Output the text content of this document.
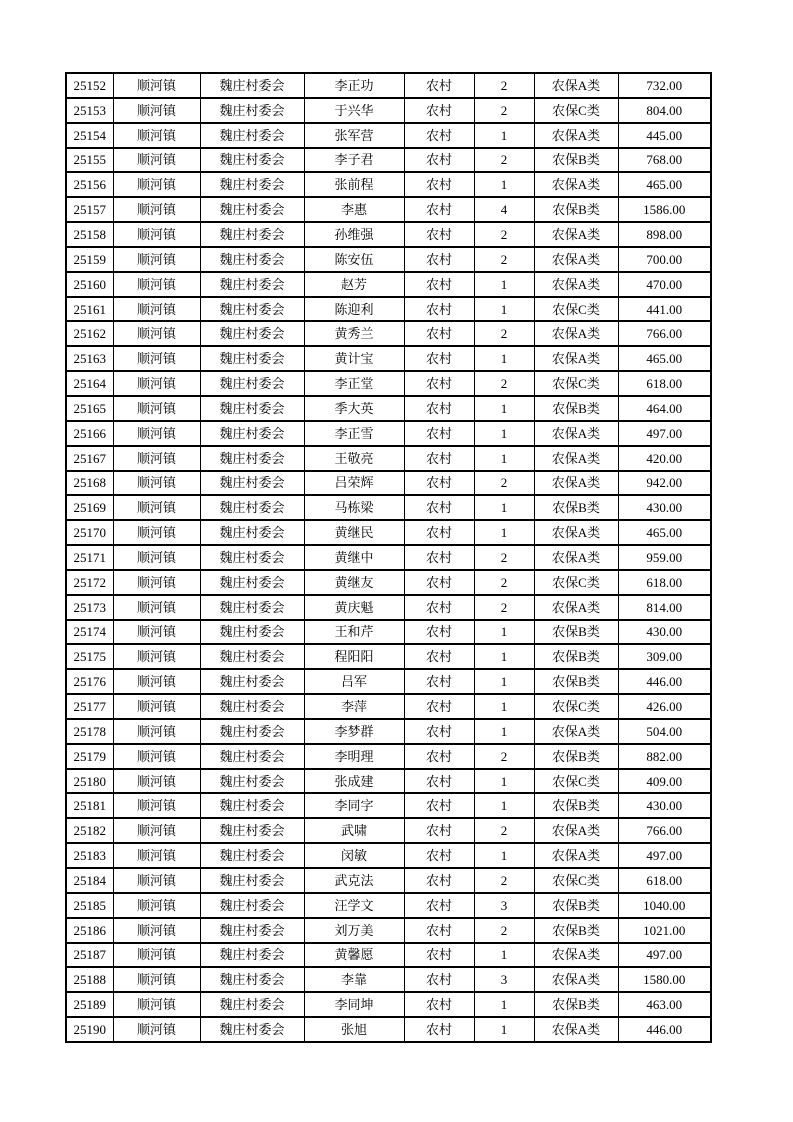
25152	顺河镇	魏庄村委会	李正功	农村	2	农保A类	732.00
25153	顺河镇	魏庄村委会	于兴华	农村	2	农保C类	804.00
25154	顺河镇	魏庄村委会	张军营	农村	1	农保A类	445.00
25155	顺河镇	魏庄村委会	李子君	农村	2	农保B类	768.00
25156	顺河镇	魏庄村委会	张前程	农村	1	农保A类	465.00
25157	顺河镇	魏庄村委会	李惠	农村	4	农保B类	1586.00
25158	顺河镇	魏庄村委会	孙维强	农村	2	农保A类	898.00
25159	顺河镇	魏庄村委会	陈安伍	农村	2	农保A类	700.00
25160	顺河镇	魏庄村委会	赵芳	农村	1	农保A类	470.00
25161	顺河镇	魏庄村委会	陈迎利	农村	1	农保C类	441.00
25162	顺河镇	魏庄村委会	黄秀兰	农村	2	农保A类	766.00
25163	顺河镇	魏庄村委会	黄计宝	农村	1	农保A类	465.00
25164	顺河镇	魏庄村委会	李正堂	农村	2	农保C类	618.00
25165	顺河镇	魏庄村委会	季大英	农村	1	农保B类	464.00
25166	顺河镇	魏庄村委会	李正雪	农村	1	农保A类	497.00
25167	顺河镇	魏庄村委会	王敬亮	农村	1	农保A类	420.00
25168	顺河镇	魏庄村委会	吕荣辉	农村	2	农保A类	942.00
25169	顺河镇	魏庄村委会	马栋梁	农村	1	农保B类	430.00
25170	顺河镇	魏庄村委会	黄继民	农村	1	农保A类	465.00
25171	顺河镇	魏庄村委会	黄继中	农村	2	农保A类	959.00
25172	顺河镇	魏庄村委会	黄继友	农村	2	农保C类	618.00
25173	顺河镇	魏庄村委会	黄庆魁	农村	2	农保A类	814.00
25174	顺河镇	魏庄村委会	王和芹	农村	1	农保B类	430.00
25175	顺河镇	魏庄村委会	程阳阳	农村	1	农保B类	309.00
25176	顺河镇	魏庄村委会	吕军	农村	1	农保B类	446.00
25177	顺河镇	魏庄村委会	李萍	农村	1	农保C类	426.00
25178	顺河镇	魏庄村委会	李梦群	农村	1	农保A类	504.00
25179	顺河镇	魏庄村委会	李明理	农村	2	农保B类	882.00
25180	顺河镇	魏庄村委会	张成建	农村	1	农保C类	409.00
25181	顺河镇	魏庄村委会	李同字	农村	1	农保B类	430.00
25182	顺河镇	魏庄村委会	武啸	农村	2	农保A类	766.00
25183	顺河镇	魏庄村委会	闵敏	农村	1	农保A类	497.00
25184	顺河镇	魏庄村委会	武克法	农村	2	农保C类	618.00
25185	顺河镇	魏庄村委会	汪学文	农村	3	农保B类	1040.00
25186	顺河镇	魏庄村委会	刘万美	农村	2	农保B类	1021.00
25187	顺河镇	魏庄村委会	黄馨愿	农村	1	农保A类	497.00
25188	顺河镇	魏庄村委会	李靠	农村	3	农保A类	1580.00
25189	顺河镇	魏庄村委会	李同坤	农村	1	农保B类	463.00
25190	顺河镇	魏庄村委会	张旭	农村	1	农保A类	446.00
